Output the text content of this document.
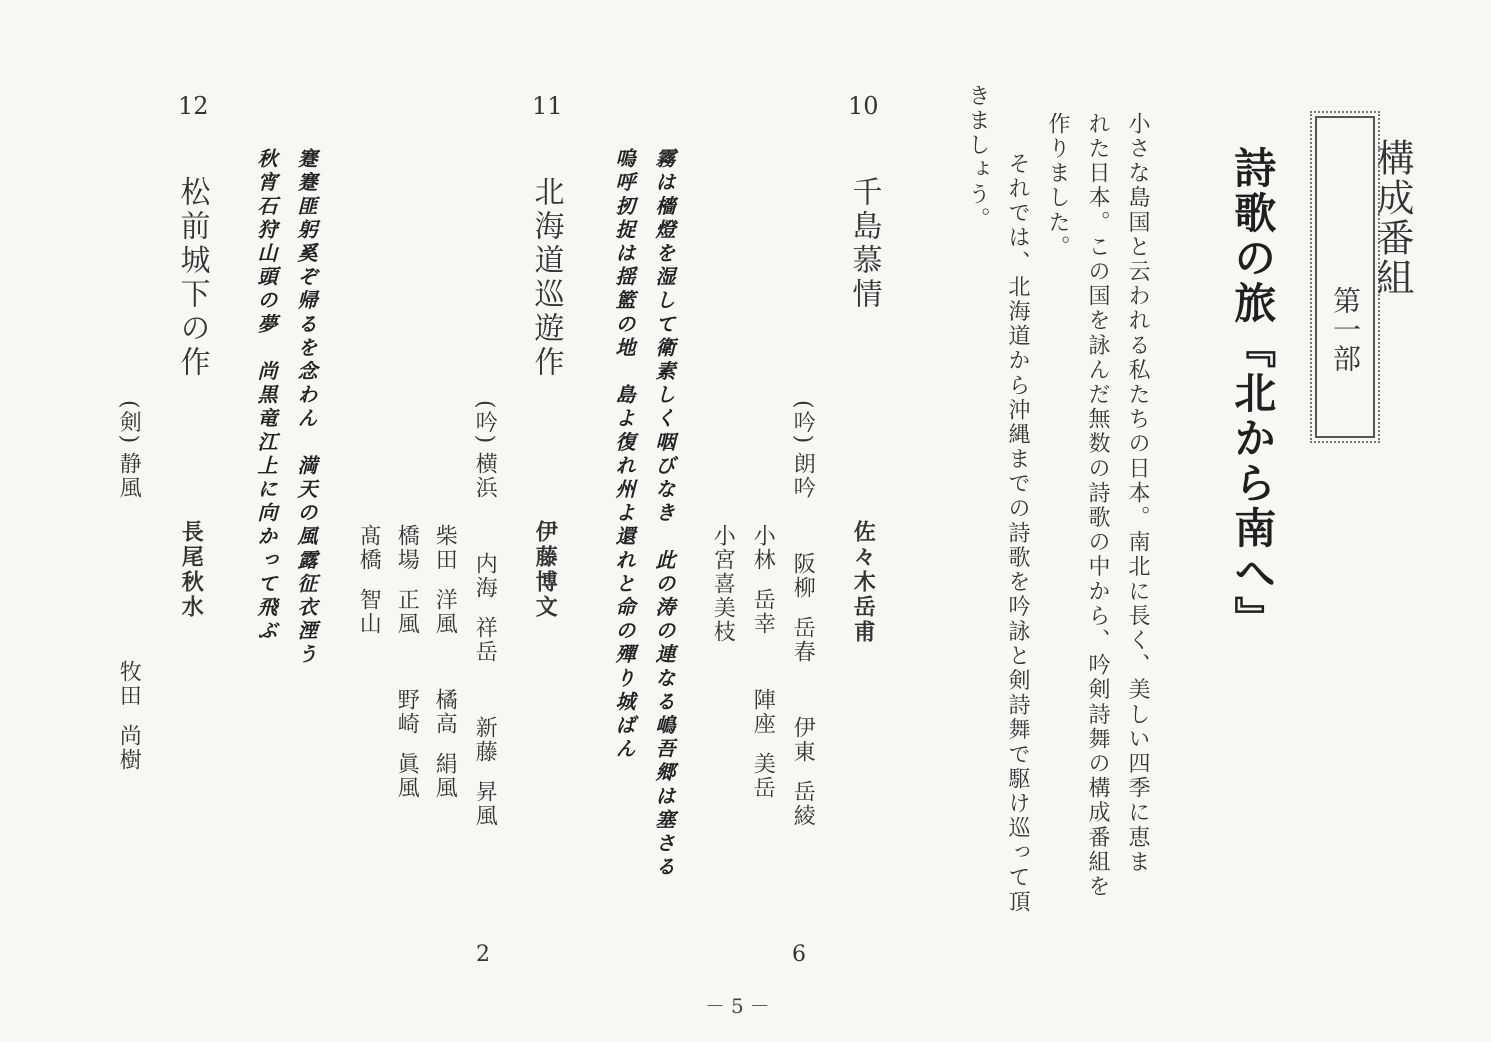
構成番組
第一部
詩歌の旅『北から南へ』
小さな島国と云われる私たちの日本。南北に長く、美しい四季に恵ま
れた日本。この国を詠んだ無数の詩歌の中から、吟剣詩舞の構成番組を
作りました。
それでは、北海道から沖縄までの詩歌を吟詠と剣詩舞で駆け巡って頂
きましょう。
10
千島慕情
佐々木岳甫
(吟)
朗吟
阪柳
岳春
伊東
岳綾
小林
岳幸
陣座
美岳
小宮喜美枝
6
11
北海道巡遊作
伊藤博文	霧は檣燈を湿して衛素しく咽びなき　此の涛の連なる嶋吾郷は塞さる
嗚呼扨捉は揺籃の地　島よ復れ州よ還れと命の殫り城ばん
(吟)
横浜
内海
祥岳
新藤
昇風
柴田
洋風
橘高
絹風
橋場
正風
野崎
眞風
髙橋
智山
2
12
松前城下の作
長尾秋水	蹇蹇匪躬奚ぞ帰るを念わん　満天の風露征衣湮う
秋宵石狩山頭の夢　尚黒竜江上に向かって飛ぶ
(剣)
静風
牧田
尚樹
－5－
